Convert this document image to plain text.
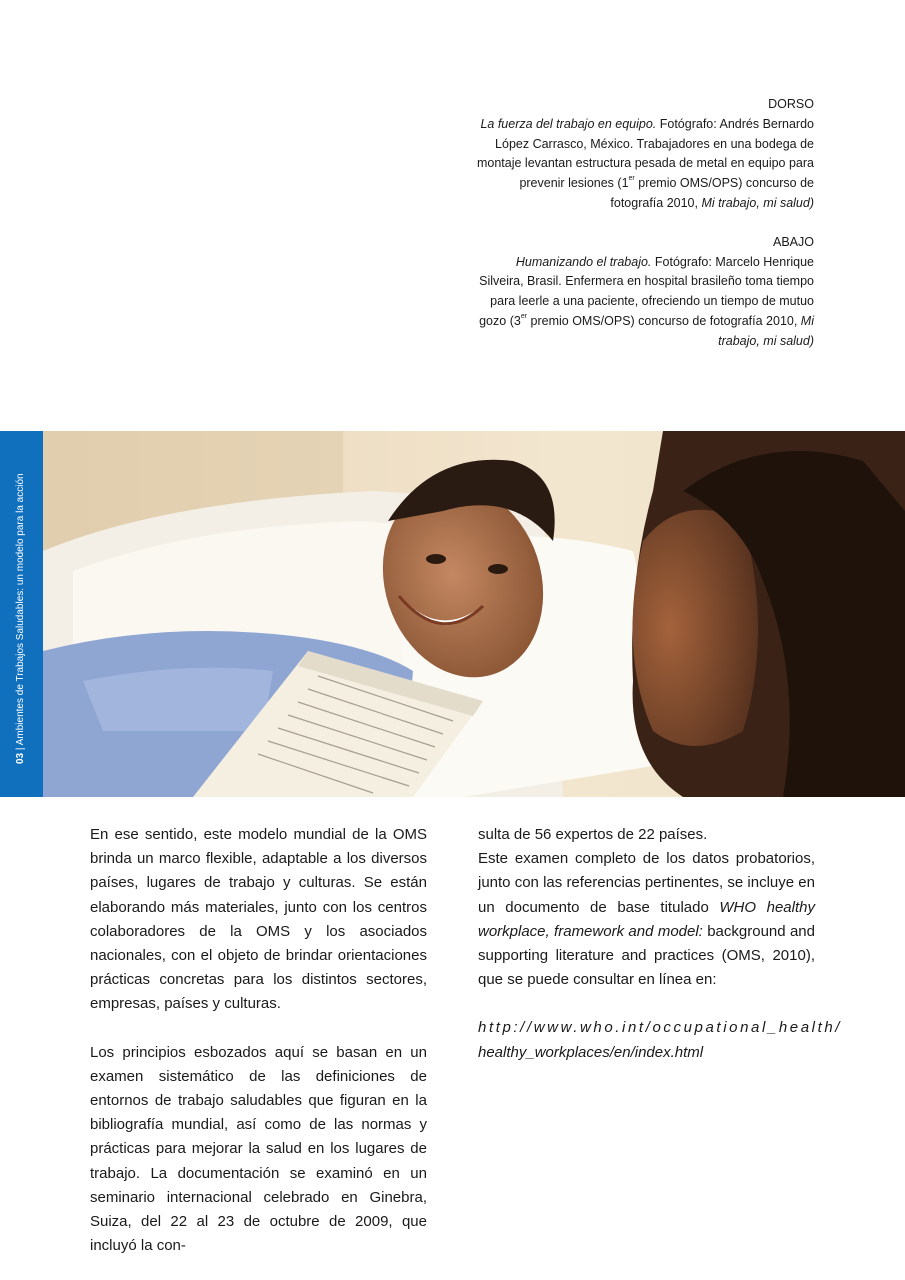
DORSO
La fuerza del trabajo en equipo. Fotógrafo: Andrés Bernardo López Carrasco, México. Trabajadores en una bodega de montaje levantan estructura pesada de metal en equipo para prevenir lesiones (1er premio OMS/OPS) concurso de fotografía 2010, Mi trabajo, mi salud)
ABAJO
Humanizando el trabajo. Fotógrafo: Marcelo Henrique Silveira, Brasil. Enfermera en hospital brasileño toma tiempo para leerle a una paciente, ofreciendo un tiempo de mutuo gozo (3er premio OMS/OPS) concurso de fotografía 2010, Mi trabajo, mi salud)
03 | Ambientes de Trabajos Saludables: un modelo para la acción

En ese sentido, este modelo mundial de la OMS brinda un marco flexible, adaptable a los diversos países, lugares de trabajo y culturas. Se están elaborando más materiales, junto con los centros colaboradores de la OMS y los asociados nacionales, con el objeto de brindar orientaciones prácticas concretas para los distintos sectores, empresas, países y culturas.

Los principios esbozados aquí se basan en un examen sistemático de las definiciones de entornos de trabajo saludables que figuran en la bibliografía mundial, así como de las normas y prácticas para mejorar la salud en los lugares de trabajo. La documentación se examinó en un seminario internacional celebrado en Ginebra, Suiza, del 22 al 23 de octubre de 2009, que incluyó la con-

sulta de 56 expertos de 22 países.

Este examen completo de los datos probatorios, junto con las referencias pertinentes, se incluye en un documento de base titulado WHO healthy workplace, framework and model: background and supporting literature and practices (OMS, 2010), que se puede consultar en línea en:

http://www.who.int/occupational_health/
healthy_workplaces/en/index.html
